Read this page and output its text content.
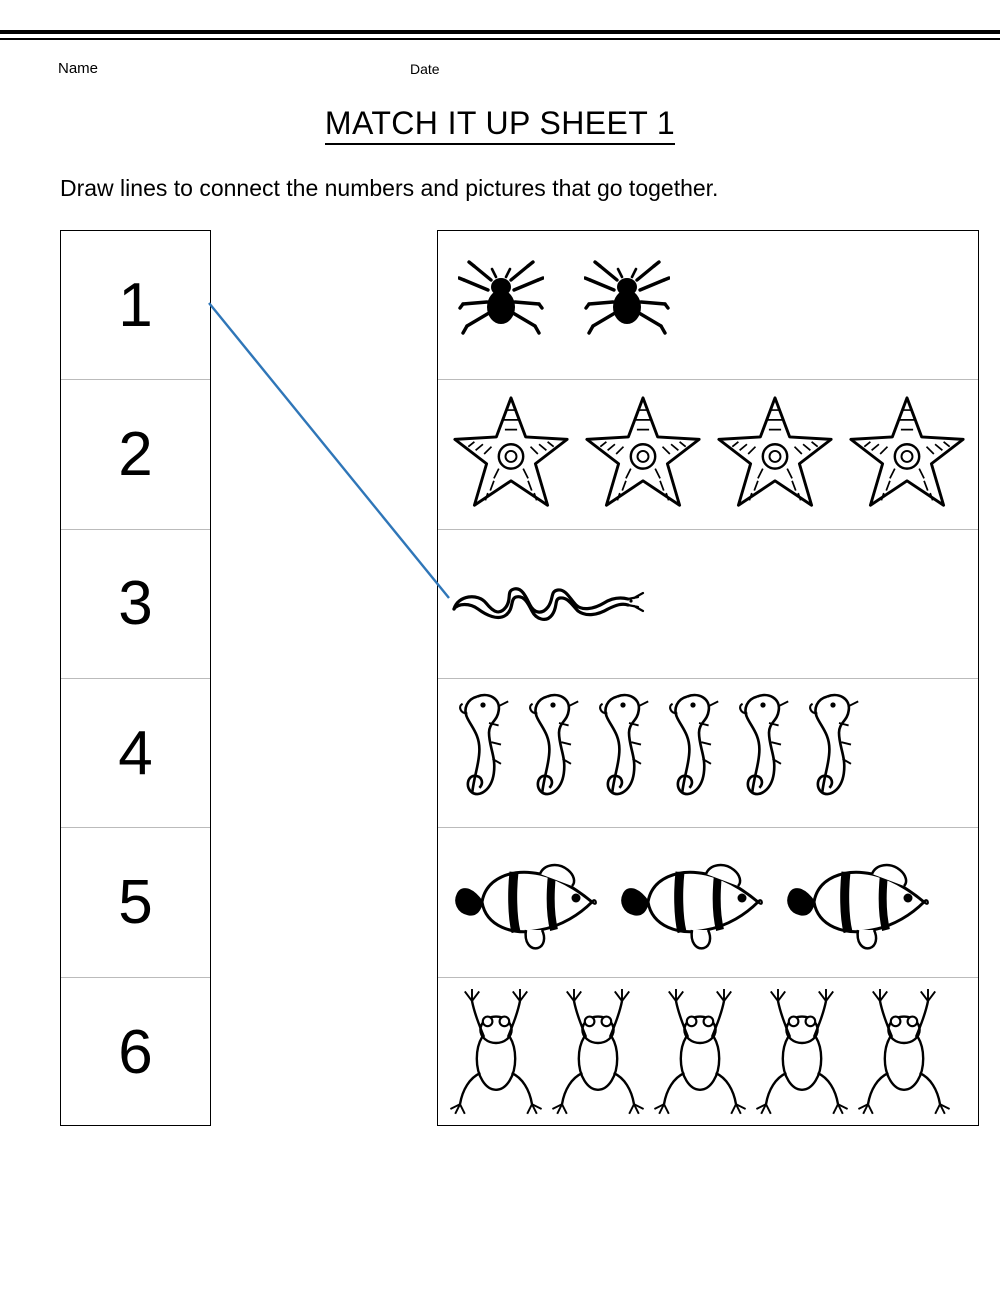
Name	Date
MATCH IT UP SHEET 1
Draw lines to connect the numbers and pictures that go together.
1
2
3
4
5
6
